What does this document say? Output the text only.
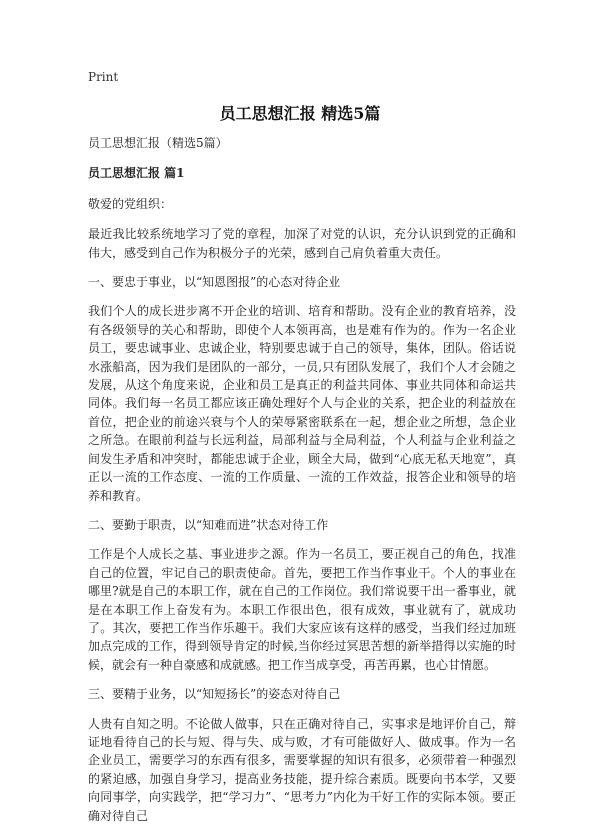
Print
员工思想汇报 精选5篇

员工思想汇报（精选5篇）

员工思想汇报 篇1

敬爱的党组织：

最近我比较系统地学习了党的章程，加深了对党的认识，充分认识到党的正确和伟大，感受到自己作为积极分子的光荣，感到自己肩负着重大责任。

一、要忠于事业，以“知恩图报”的心态对待企业

我们个人的成长进步离不开企业的培训、培育和帮助。没有企业的教育培养，没有各级领导的关心和帮助，即使个人本领再高，也是难有作为的。作为一名企业员工，要忠诚事业、忠诚企业，特别要忠诚于自己的领导，集体，团队。俗话说水涨船高，因为我们是团队的一部分，一员,只有团队发展了，我们个人才会随之发展，从这个角度来说，企业和员工是真正的利益共同体、事业共同体和命运共同体。我们每一名员工都应该正确处理好个人与企业的关系，把企业的利益放在首位，把企业的前途兴衰与个人的荣辱紧密联系在一起，想企业之所想，急企业之所急。在眼前利益与长远利益，局部利益与全局利益，个人利益与企业利益之间发生矛盾和冲突时，都能忠诚于企业，顾全大局，做到“心底无私天地宽”，真正以一流的工作态度、一流的工作质量、一流的工作效益，报答企业和领导的培养和教育。

二、要勤于职责，以“知难而进”状态对待工作

工作是个人成长之基、事业进步之源。作为一名员工，要正视自己的角色，找准自己的位置，牢记自己的职责使命。首先，要把工作当作事业干。个人的事业在哪里?就是自己的本职工作，就在自己的工作岗位。我们常说要干出一番事业，就是在本职工作上奋发有为。本职工作很出色，很有成效，事业就有了，就成功了。其次，要把工作当作乐趣干。我们大家应该有这样的感受，当我们经过加班加点完成的工作，得到领导肯定的时候,当你经过冥思苦想的新举措得以实施的时候，就会有一种自豪感和成就感。把工作当成享受，再苦再累，也心甘情愿。

三、要精于业务，以“知短扬长”的姿态对待自己

人贵有自知之明。不论做人做事，只在正确对待自己，实事求是地评价自己，辩证地看待自己的长与短、得与失、成与败，才有可能做好人、做成事。作为一名企业员工，需要学习的东西有很多，需要掌握的知识有很多，必须带着一种强烈的紧迫感，加强自身学习，提高业务技能，提升综合素质。既要向书本学，又要向同事学，向实践学，把“学习力”、“思考力”内化为干好工作的实际本领。要正确对待自己
